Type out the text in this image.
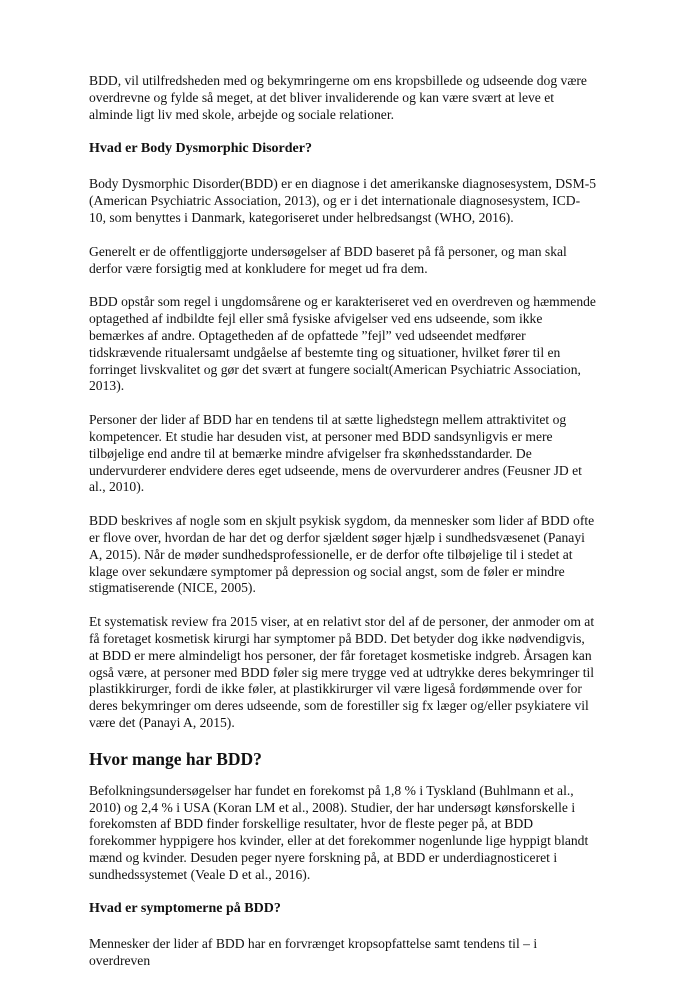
BDD, vil utilfredsheden med og bekymringerne om ens kropsbillede og udseende dog være overdrevne og fylde så meget, at det bliver invaliderende og kan være svært at leve et alminde ligt liv med skole, arbejde og sociale relationer.

Hvad er Body Dysmorphic Disorder?

Body Dysmorphic Disorder(BDD) er en diagnose i det amerikanske diagnosesystem, DSM-5 (American Psychiatric Association, 2013), og er i det internationale diagnosesystem, ICD-10, som benyttes i Danmark, kategoriseret under helbredsangst (WHO, 2016).

Generelt er de offentliggjorte undersøgelser af BDD baseret på få personer, og man skal derfor være forsigtig med at konkludere for meget ud fra dem.

BDD opstår som regel i ungdomsårene og er karakteriseret ved en overdreven og hæmmende optagethed af indbildte fejl eller små fysiske afvigelser ved ens udseende, som ikke bemærkes af andre. Optagetheden af de opfattede ”fejl” ved udseendet medfører tidskrævende ritualersamt undgåelse af bestemte ting og situationer, hvilket fører til en forringet livskvalitet og gør det svært at fungere socialt(American Psychiatric Association, 2013).

Personer der lider af BDD har en tendens til at sætte lighedstegn mellem attraktivitet og kompetencer. Et studie har desuden vist, at personer med BDD sandsynligvis er mere tilbøjelige end andre til at bemærke mindre afvigelser fra skønhedsstandarder. De undervurderer endvidere deres eget udseende, mens de overvurderer andres (Feusner JD et al., 2010).

BDD beskrives af nogle som en skjult psykisk sygdom, da mennesker som lider af BDD ofte er flove over, hvordan de har det og derfor sjældent søger hjælp i sundhedsvæsenet (Panayi A, 2015). Når de møder sundhedsprofessionelle, er de derfor ofte tilbøjelige til i stedet at klage over sekundære symptomer på depression og social angst, som de føler er mindre stigmatiserende (NICE, 2005).

Et systematisk review fra 2015 viser, at en relativt stor del af de personer, der anmoder om at få foretaget kosmetisk kirurgi har symptomer på BDD. Det betyder dog ikke nødvendigvis, at BDD er mere almindeligt hos personer, der får foretaget kosmetiske indgreb. Årsagen kan også være, at personer med BDD føler sig mere trygge ved at udtrykke deres bekymringer til plastikkirurger, fordi de ikke føler, at plastikkirurger vil være ligeså fordømmende over for deres bekymringer om deres udseende, som de forestiller sig fx læger og/eller psykiatere vil være det (Panayi A, 2015).

Hvor mange har BDD?

Befolkningsundersøgelser har fundet en forekomst på 1,8 % i Tyskland (Buhlmann et al., 2010) og 2,4 % i USA (Koran LM et al., 2008). Studier, der har undersøgt kønsforskelle i forekomsten af BDD finder forskellige resultater, hvor de fleste peger på, at BDD forekommer hyppigere hos kvinder, eller at det forekommer nogenlunde lige hyppigt blandt mænd og kvinder. Desuden peger nyere forskning på, at BDD er underdiagnosticeret i sundhedssystemet (Veale D et al., 2016).

Hvad er symptomerne på BDD?

Mennesker der lider af BDD har en forvrænget kropsopfattelse samt tendens til – i overdreven
